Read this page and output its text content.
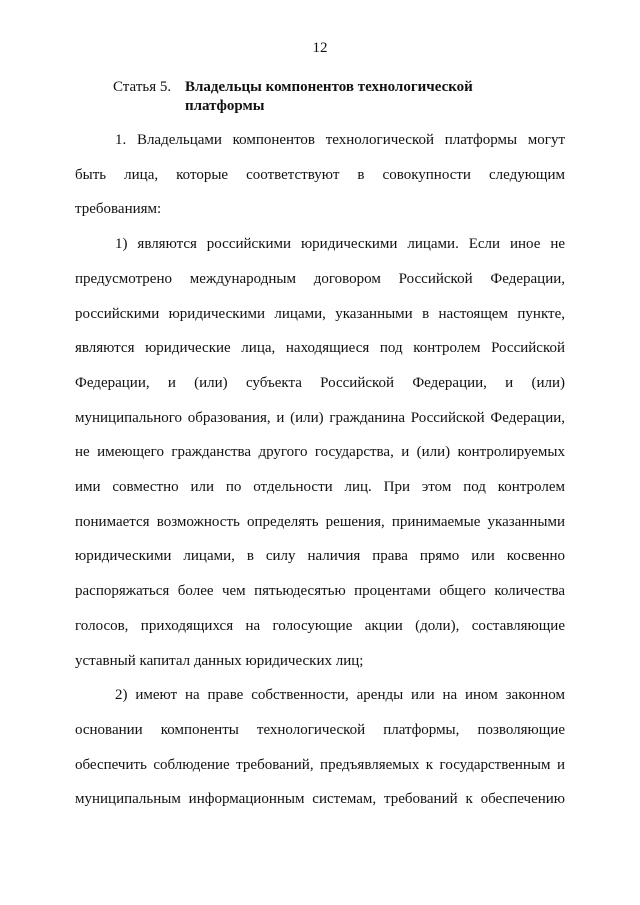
12
Статья 5. Владельцы компонентов технологической
платформы
1. Владельцами компонентов технологической платформы могут
быть лица, которые соответствуют в совокупности следующим
требованиям:
1) являются российскими юридическими лицами. Если иное не
предусмотрено международным договором Российской Федерации,
российскими юридическими лицами, указанными в настоящем пункте,
являются юридические лица, находящиеся под контролем Российской
Федерации, и (или) субъекта Российской Федерации, и (или)
муниципального образования, и (или) гражданина Российской Федерации,
не имеющего гражданства другого государства, и (или) контролируемых
ими совместно или по отдельности лиц. При этом под контролем
понимается возможность определять решения, принимаемые указанными
юридическими лицами, в силу наличия права прямо или косвенно
распоряжаться более чем пятьюдесятью процентами общего количества
голосов, приходящихся на голосующие акции (доли), составляющие
уставный капитал данных юридических лиц;
2) имеют на праве собственности, аренды или на ином законном
основании компоненты технологической платформы, позволяющие
обеспечить соблюдение требований, предъявляемых к государственным и
муниципальным информационным системам, требований к обеспечению
